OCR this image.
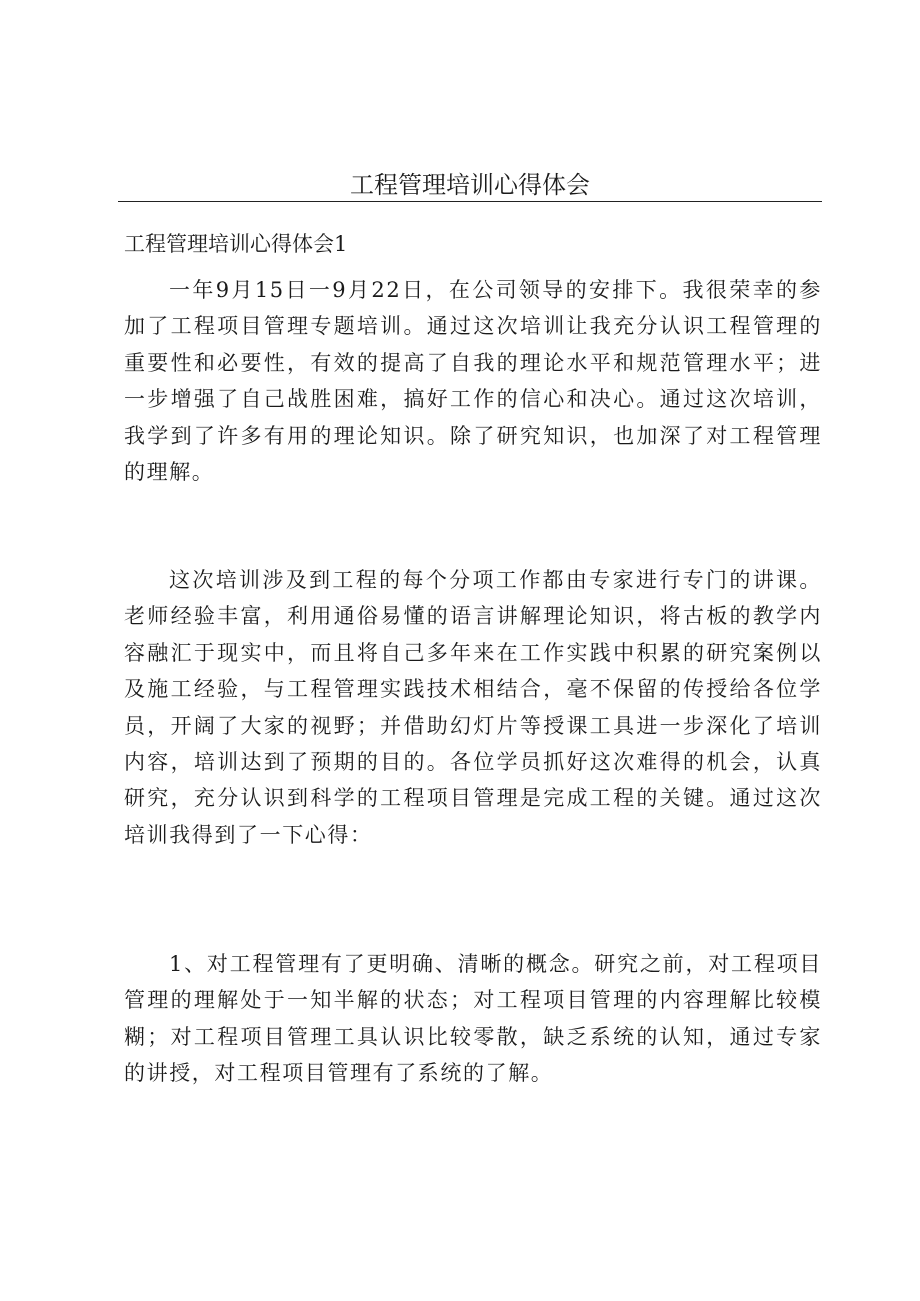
工程管理培训心得体会
工程管理培训心得体会1

一年9月15日一9月22日，在公司领导的安排下。我很荣幸的参加了工程项目管理专题培训。通过这次培训让我充分认识工程管理的重要性和必要性，有效的提高了自我的理论水平和规范管理水平；进一步增强了自己战胜困难，搞好工作的信心和决心。通过这次培训，我学到了许多有用的理论知识。除了研究知识，也加深了对工程管理的理解。

这次培训涉及到工程的每个分项工作都由专家进行专门的讲课。老师经验丰富，利用通俗易懂的语言讲解理论知识，将古板的教学内容融汇于现实中，而且将自己多年来在工作实践中积累的研究案例以及施工经验，与工程管理实践技术相结合，毫不保留的传授给各位学员，开阔了大家的视野；并借助幻灯片等授课工具进一步深化了培训内容，培训达到了预期的目的。各位学员抓好这次难得的机会，认真研究，充分认识到科学的工程项目管理是完成工程的关键。通过这次培训我得到了一下心得：

1、对工程管理有了更明确、清晰的概念。研究之前，对工程项目管理的理解处于一知半解的状态；对工程项目管理的内容理解比较模糊；对工程项目管理工具认识比较零散，缺乏系统的认知，通过专家的讲授，对工程项目管理有了系统的了解。
